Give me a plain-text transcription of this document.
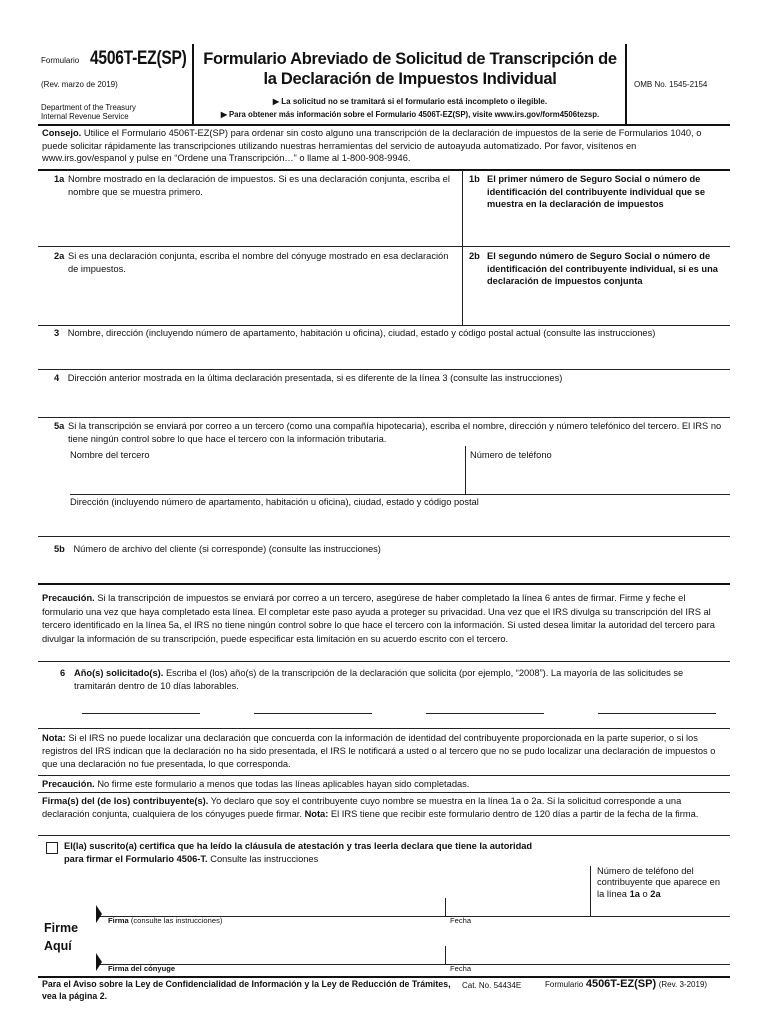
Formulario 4506T-EZ(SP)
(Rev. marzo de 2019)
Department of the Treasury
Internal Revenue Service
Formulario Abreviado de Solicitud de Transcripción de
la Declaración de Impuestos Individual
▶ La solicitud no se tramitará si el formulario está incompleto o ilegible.
▶ Para obtener más información sobre el Formulario 4506T-EZ(SP), visite www.irs.gov/form4506tezsp.
OMB No. 1545-2154
Consejo. Utilice el Formulario 4506T-EZ(SP) para ordenar sin costo alguno una transcripción de la declaración de impuestos de la serie de Formularios 1040, o puede solicitar rápidamente las transcripciones utilizando nuestras herramientas del servicio de autoayuda automatizado. Por favor, visítenos en www.irs.gov/espanol y pulse en “Ordene una Transcripción…” o llame al 1-800-908-9946.
1a Nombre mostrado en la declaración de impuestos. Si es una declaración conjunta, escriba el nombre que se muestra primero.

1b El primer número de Seguro Social o número de identificación del contribuyente individual que se muestra en la declaración de impuestos

2a Si es una declaración conjunta, escriba el nombre del cónyuge mostrado en esa declaración de impuestos.

2b El segundo número de Seguro Social o número de identificación del contribuyente individual, si es una declaración de impuestos conjunta

3 Nombre, dirección (incluyendo número de apartamento, habitación u oficina), ciudad, estado y código postal actual (consulte las instrucciones)
4 Dirección anterior mostrada en la última declaración presentada, si es diferente de la línea 3 (consulte las instrucciones)
5a Si la transcripción se enviará por correo a un tercero (como una compañía hipotecaria), escriba el nombre, dirección y número telefónico del tercero. El IRS no tiene ningún control sobre lo que hace el tercero con la información tributaria.

Nombre del tercero	Número de teléfono
Dirección (incluyendo número de apartamento, habitación u oficina), ciudad, estado y código postal
5b Número de archivo del cliente (si corresponde) (consulte las instrucciones)
Precaución. Si la transcripción de impuestos se enviará por correo a un tercero, asegúrese de haber completado la línea 6 antes de firmar. Firme y feche el formulario una vez que haya completado esta línea. El completar este paso ayuda a proteger su privacidad. Una vez que el IRS divulga su transcripción del IRS al tercero identificado en la línea 5a, el IRS no tiene ningún control sobre lo que hace el tercero con la información. Si usted desea limitar la autoridad del tercero para divulgar la información de su transcripción, puede especificar esta limitación en su acuerdo escrito con el tercero.
6 Año(s) solicitado(s). Escriba el (los) año(s) de la transcripción de la declaración que solicita (por ejemplo, “2008”). La mayoría de las solicitudes se tramitarán dentro de 10 días laborables.

Nota: Si el IRS no puede localizar una declaración que concuerda con la información de identidad del contribuyente proporcionada en la parte superior, o si los registros del IRS indican que la declaración no ha sido presentada, el IRS le notificará a usted o al tercero que no se pudo localizar una declaración de impuestos o que una declaración no fue presentada, lo que corresponda.
Precaución. No firme este formulario a menos que todas las líneas aplicables hayan sido completadas.
Firma(s) del (de los) contribuyente(s). Yo declaro que soy el contribuyente cuyo nombre se muestra en la línea 1a o 2a. Si la solicitud corresponde a una declaración conjunta, cualquiera de los cónyuges puede firmar. Nota: El IRS tiene que recibir este formulario dentro de 120 días a partir de la fecha de la firma.
El(la) suscrito(a) certifica que ha leído la cláusula de atestación y tras leerla declara que tiene la autoridad para firmar el Formulario 4506-T. Consulte las instrucciones
Número de teléfono del contribuyente que aparece en la línea 1a o 2a
Firme
Aquí
Firma (consulte las instrucciones)	Fecha
Firma del cónyuge	Fecha
Para el Aviso sobre la Ley de Confidencialidad de Información y la Ley de Reducción de Trámites, vea la página 2.
Cat. No. 54434E	Formulario 4506T-EZ(SP) (Rev. 3-2019)
